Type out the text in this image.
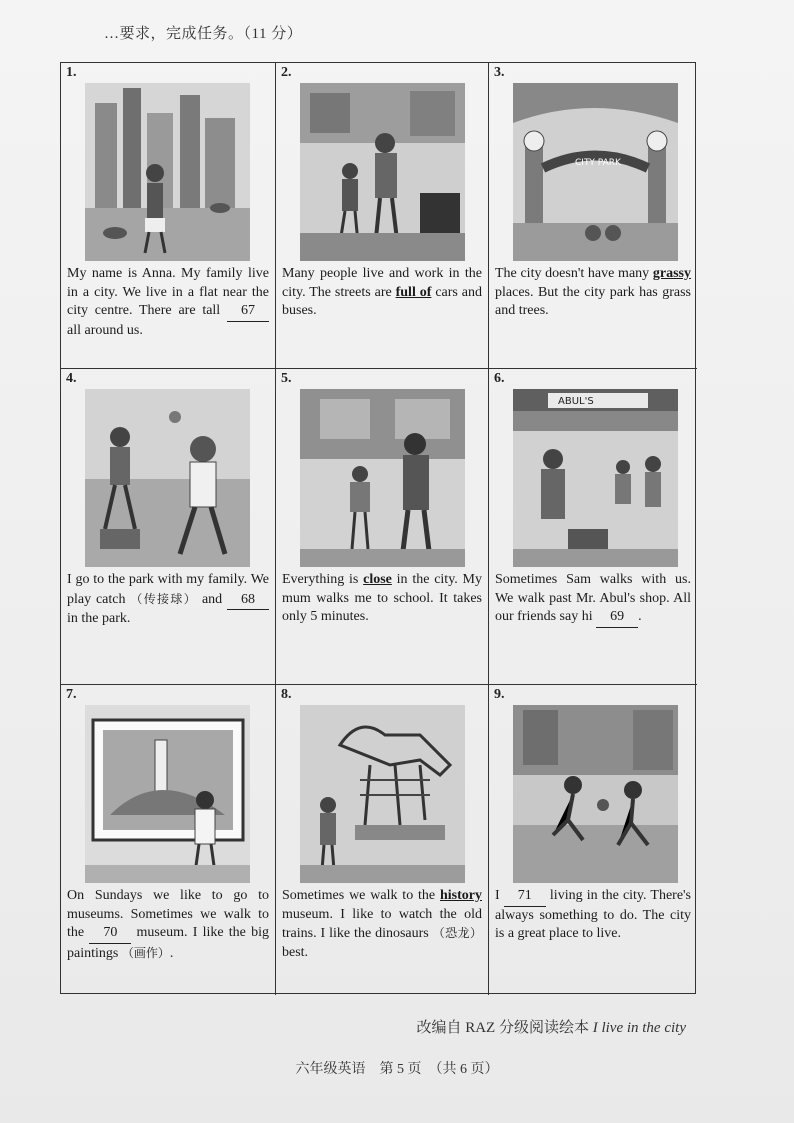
…要求，完成任务。（11 分）
1.
My name is Anna. My family live in a city. We live in a flat near the city centre. There are tall 67 all around us.
2.
Many people live and work in the city. The streets are full of cars and buses.
3.
CITY PARK
The city doesn't have many grassy places. But the city park has grass and trees.
4.
I go to the park with my family. We play catch （传接球） and 68 in the park.
5.
Everything is close in the city. My mum walks me to school. It takes only 5 minutes.
6.
ABUL'S
Sometimes Sam walks with us. We walk past Mr. Abul's shop. All our friends say hi 69 .
7.
On Sundays we like to go to museums. Sometimes we walk to the 70 museum. I like the big paintings （画作）.
8.
Sometimes we walk to the history museum. I like to watch the old trains. I like the dinosaurs （恐龙） best.
9.
I 71 living in the city. There's always something to do. The city is a great place to live.
改编自 RAZ 分级阅读绘本 I live in the city
六年级英语　第 5 页　（共 6 页）
